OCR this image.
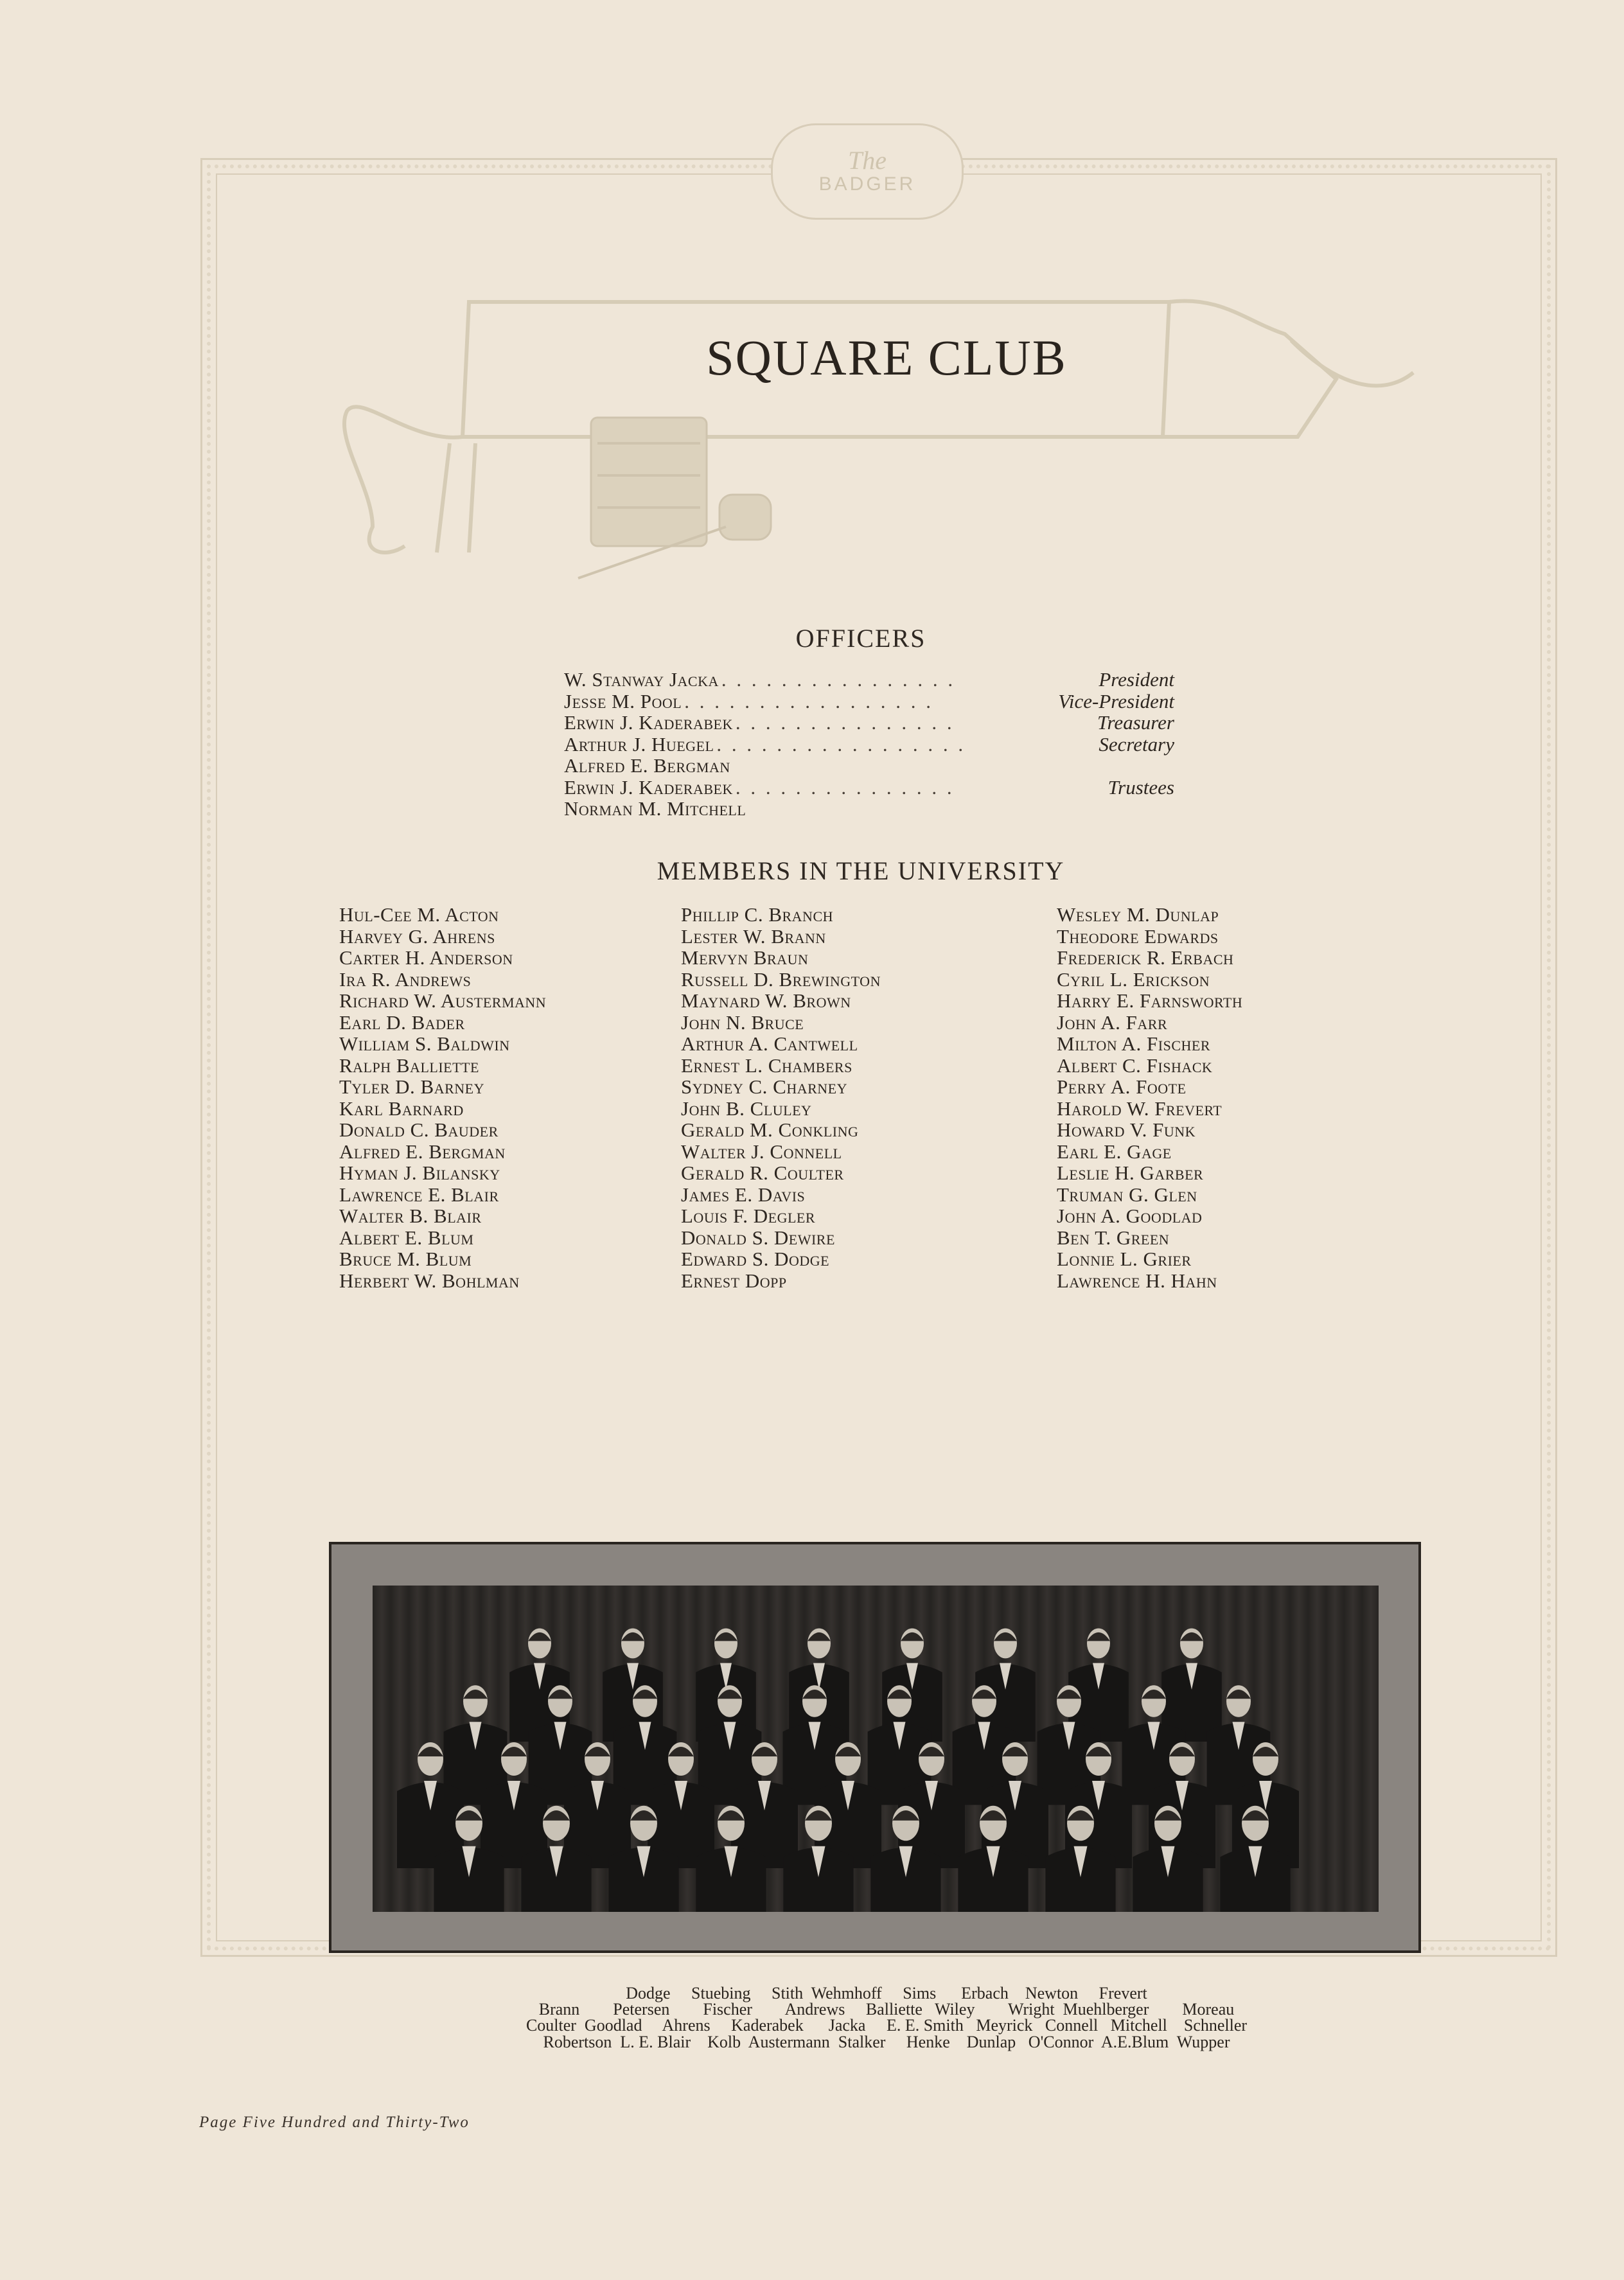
The
BADGER
SQUARE CLUB
OFFICERS
W. Stanway Jacka . . . . . . . . . . . . . . . .	President
Jesse M. Pool . . . . . . . . . . . . . . . . .	Vice-President
Erwin J. Kaderabek . . . . . . . . . . . . . . .	Treasurer
Arthur J. Huegel . . . . . . . . . . . . . . . . .	Secretary
Alfred E. Bergman
Erwin J. Kaderabek . . . . . . . . . . . . . . .	Trustees
Norman M. Mitchell
MEMBERS IN THE UNIVERSITY
Hul-Cee M. Acton
Harvey G. Ahrens
Carter H. Anderson
Ira R. Andrews
Richard W. Austermann
Earl D. Bader
William S. Baldwin
Ralph Balliette
Tyler D. Barney
Karl Barnard
Donald C. Bauder
Alfred E. Bergman
Hyman J. Bilansky
Lawrence E. Blair
Walter B. Blair
Albert E. Blum
Bruce M. Blum
Herbert W. Bohlman
Phillip C. Branch
Lester W. Brann
Mervyn Braun
Russell D. Brewington
Maynard W. Brown
John N. Bruce
Arthur A. Cantwell
Ernest L. Chambers
Sydney C. Charney
John B. Cluley
Gerald M. Conkling
Walter J. Connell
Gerald R. Coulter
James E. Davis
Louis F. Degler
Donald S. Dewire
Edward S. Dodge
Ernest Dopp
Wesley M. Dunlap
Theodore Edwards
Frederick R. Erbach
Cyril L. Erickson
Harry E. Farnsworth
John A. Farr
Milton A. Fischer
Albert C. Fishack
Perry A. Foote
Harold W. Frevert
Howard V. Funk
Earl E. Gage
Leslie H. Garber
Truman G. Glen
John A. Goodlad
Ben T. Green
Lonnie L. Grier
Lawrence H. Hahn
Dodge     Stuebing     Stith  Wehmhoff     Sims      Erbach    Newton     Frevert
Brann        Petersen        Fischer        Andrews     Balliette   Wiley        Wright  Muehlberger        Moreau
Coulter  Goodlad     Ahrens     Kaderabek      Jacka     E. E. Smith   Meyrick   Connell   Mitchell    Schneller
Robertson  L. E. Blair    Kolb  Austermann  Stalker     Henke    Dunlap   O'Connor  A.E.Blum  Wupper
Page Five Hundred and Thirty-Two
